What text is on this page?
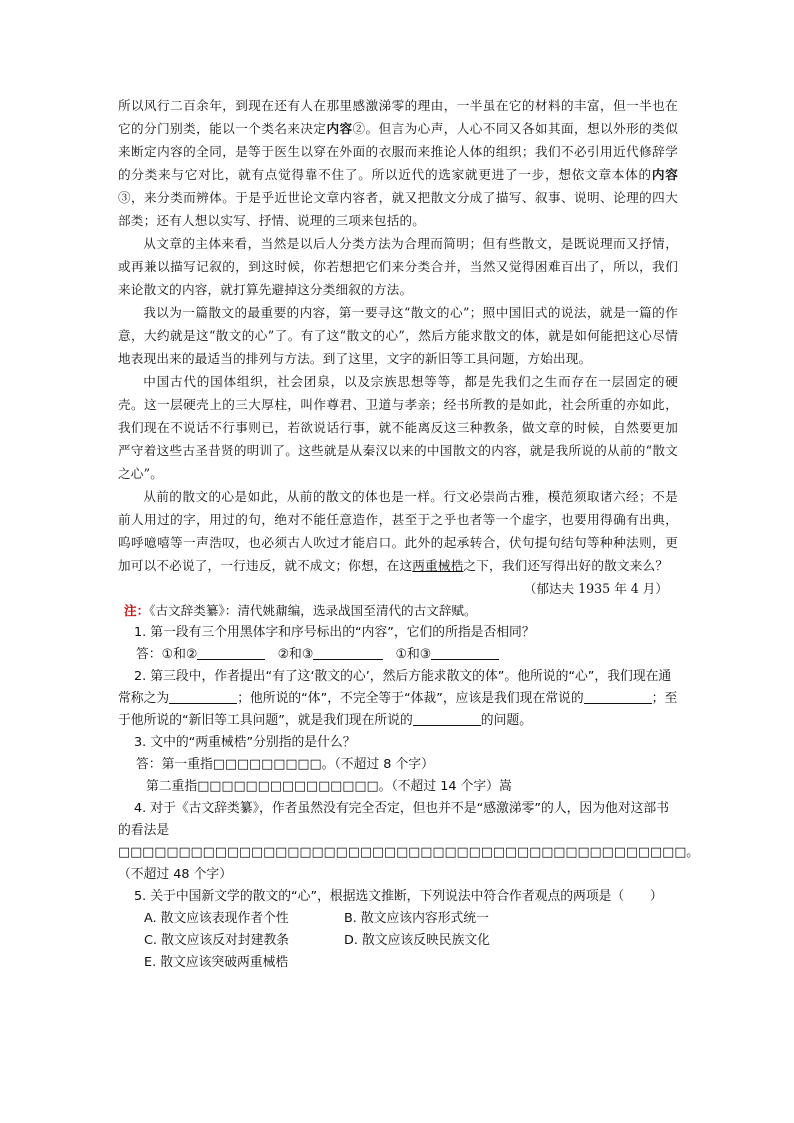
所以风行二百余年，到现在还有人在那里感激涕零的理由，一半虽在它的材料的丰富，但一半也在它的分门别类，能以一个类名来决定内容②。但言为心声，人心不同又各如其面，想以外形的类似来断定内容的全同，是等于医生以穿在外面的衣服而来推论人体的组织；我们不必引用近代修辞学的分类来与它对比，就有点觉得靠不住了。所以近代的选家就更进了一步，想依文章本体的内容③，来分类而辨体。于是乎近世论文章内容者，就又把散文分成了描写、叙事、说明、论理的四大部类；还有人想以实写、抒情、说理的三项来包括的。

从文章的主体来看，当然是以后人分类方法为合理而简明；但有些散文，是既说理而又抒情，或再兼以描写记叙的，到这时候，你若想把它们来分类合并，当然又觉得困难百出了，所以，我们来论散文的内容，就打算先避掉这分类细叙的方法。

我以为一篇散文的最重要的内容，第一要寻这“散文的心”；照中国旧式的说法，就是一篇的作意，大约就是这“散文的心”了。有了这“散文的心”，然后方能求散文的体，就是如何能把这心尽情地表现出来的最适当的排列与方法。到了这里，文字的新旧等工具问题，方始出现。

中国古代的国体组织，社会团泉，以及宗族思想等等，都是先我们之生而存在一层固定的硬壳。这一层硬壳上的三大厚柱，叫作尊君、卫道与孝亲；经书所教的是如此，社会所重的亦如此，我们现在不说话不行事则已，若欲说话行事，就不能离反这三种教条，做文章的时候，自然要更加严守着这些古圣昔贤的明训了。这些就是从秦汉以来的中国散文的内容，就是我所说的从前的“散文之心”。

从前的散文的心是如此，从前的散文的体也是一样。行文必崇尚古雅，模范须取诸六经；不是前人用过的字，用过的句，绝对不能任意造作，甚至于之乎也者等一个虚字，也要用得确有出典，呜呼噫嘻等一声浩叹，也必须古人吹过才能启口。此外的起承转合，伏句提句结句等种种法则，更加可以不必说了，一行违反，就不成文；你想，在这两重械梏之下，我们还写得出好的散文来么？

（郁达夫 1935 年 4 月）

注：《古文辞类纂》：清代姚鼐编，选录战国至清代的古文辞赋。

1. 第一段有三个用黑体字和序号标出的“内容”，它们的所指是否相同？

答：①和②	②和③	①和③

2. 第三段中，作者提出“有了这‘散文的心’，然后方能求散文的体”。他所说的“心”，我们现在通常称之为	；他所说的“体”，不完全等于“体裁”，应该是我们现在常说的	；至于他所说的“新旧等工具问题”，就是我们现在所说的	的问题。

3. 文中的“两重械梏”分别指的是什么？

答：第一重指□□□□□□□□□。（不超过 8 个字）

第二重指□□□□□□□□□□□□□□□。（不超过 14 个字）嵩

4. 对于《古文辞类纂》，作者虽然没有完全否定，但也并不是“感激涕零”的人，因为他对这部书的看法是□□□□□□□□□□□□□□□□□□□□□□□□□□□□□□□□□□□□□□□□□□□□□□□。（不超过 48 个字）

5. 关于中国新文学的散文的“心”，根据选文推断，下列说法中符合作者观点的两项是（　　）

A. 散文应该表现作者个性	B. 散文应该内容形式统一

C. 散文应该反对封建教条	D. 散文应该反映民族文化

E. 散文应该突破两重械梏
